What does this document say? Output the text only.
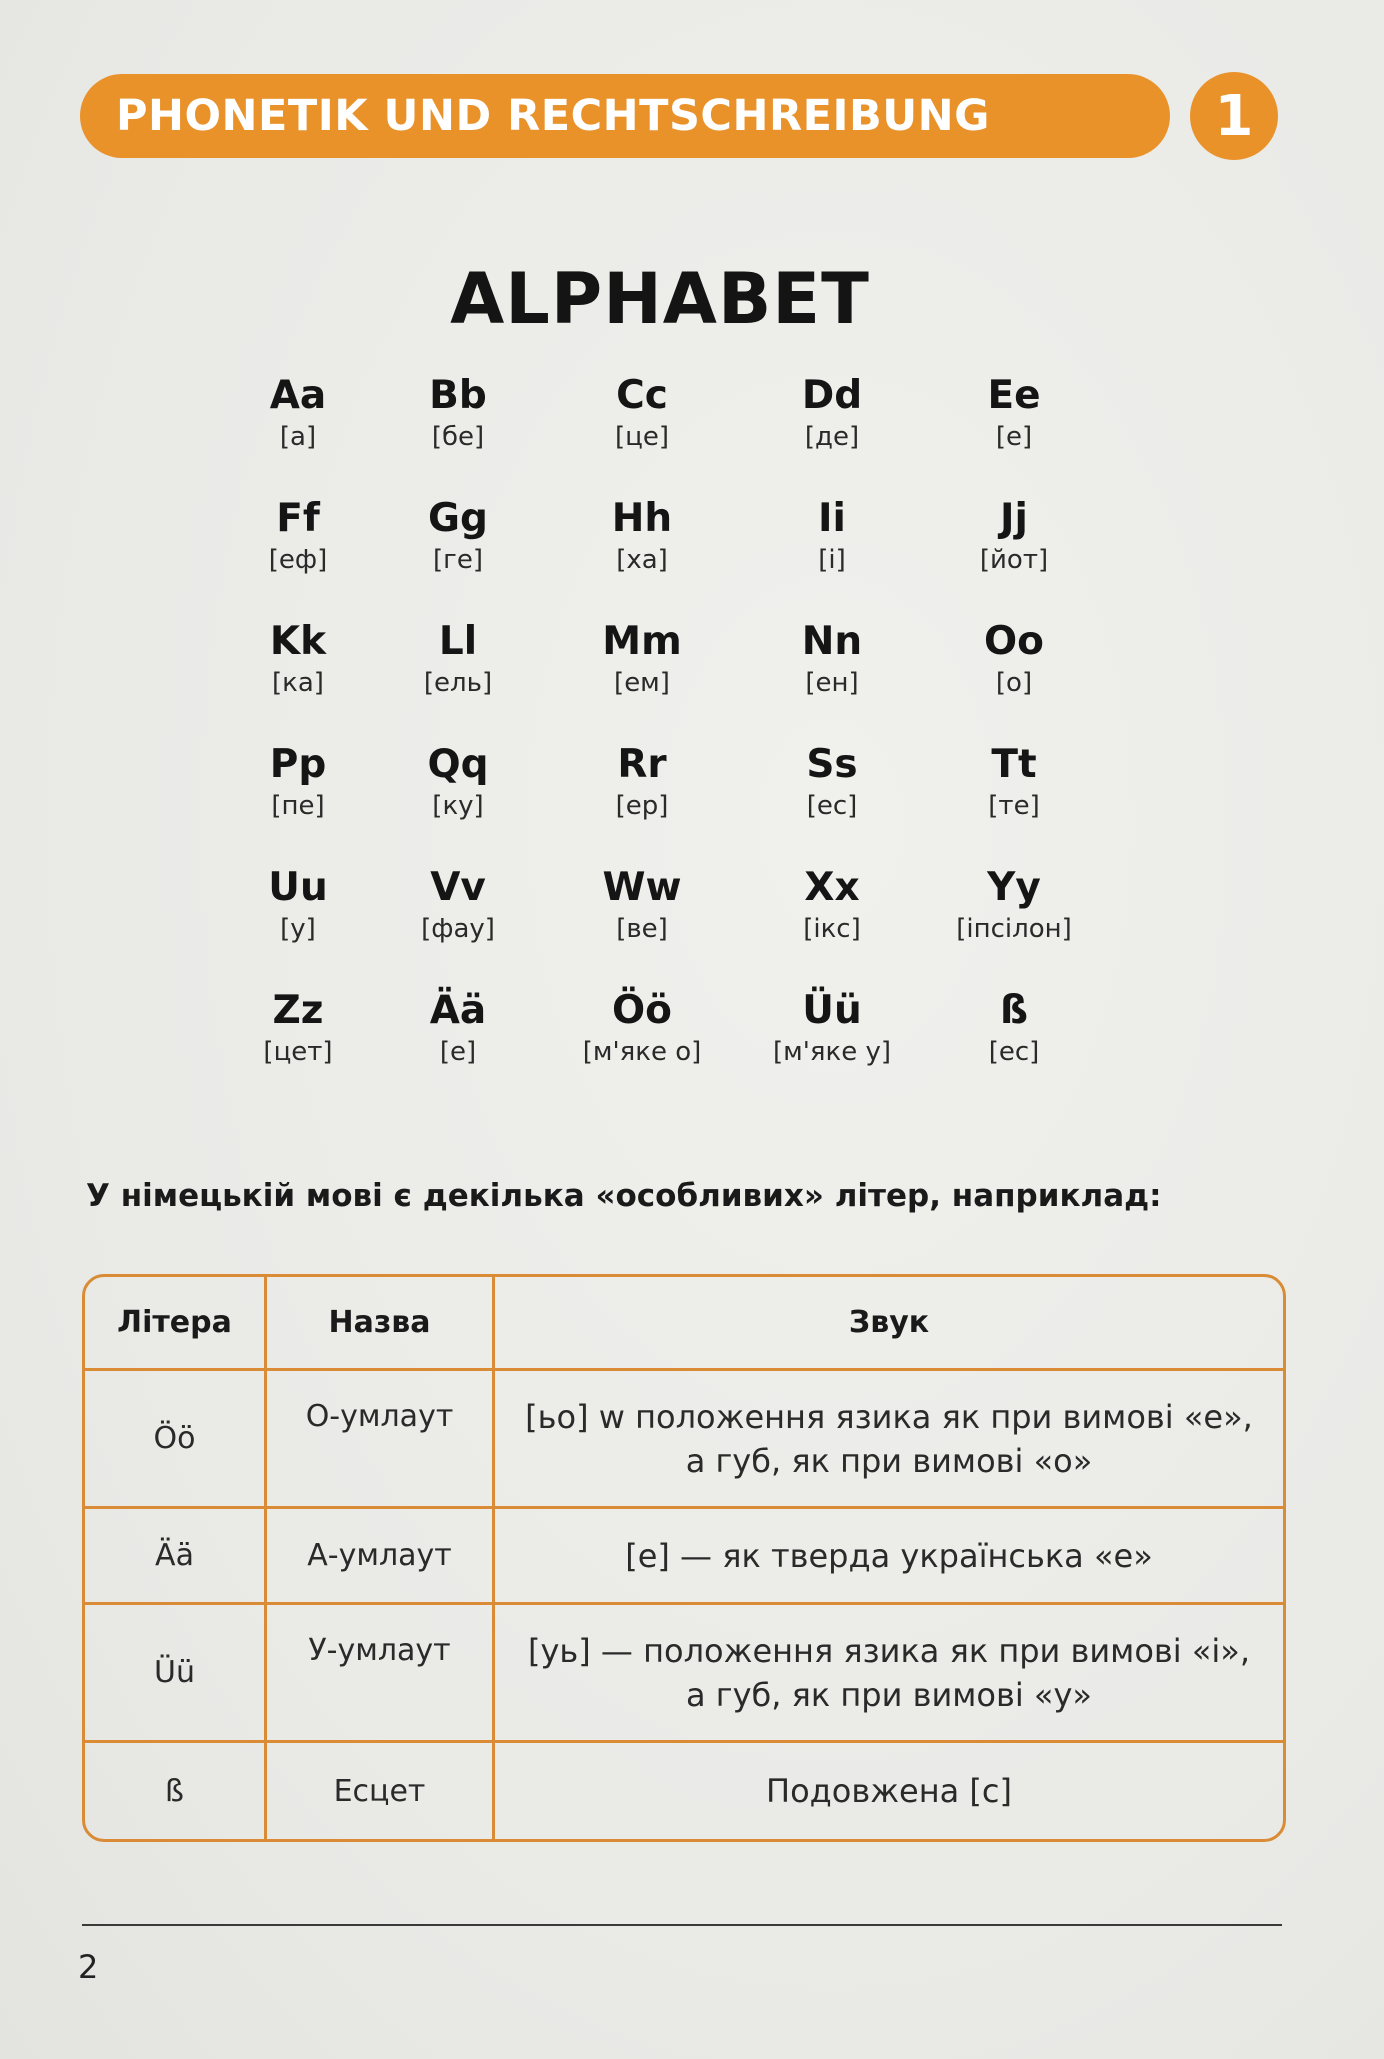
PHONETIK UND RECHTSCHREIBUNG	1
ALPHABET
Aa
[а]
Bb
[бе]
Cc
[це]
Dd
[де]
Ee
[е]
Ff
[еф]
Gg
[ге]
Hh
[ха]
Ii
[і]
Jj
[йот]
Kk
[ка]
Ll
[ель]
Mm
[ем]
Nn
[ен]
Oo
[о]
Pp
[пе]
Qq
[ку]
Rr
[ер]
Ss
[ес]
Tt
[те]
Uu
[у]
Vv
[фау]
Ww
[ве]
Xx
[ікс]
Yy
[іпсілон]
Zz
[цет]
Ää
[е]
Öö
[м'яке о]
Üü
[м'яке у]
ß
[ес]
У німецькій мові є декілька «особливих» літер, наприклад:
Літера	Назва	Звук
Öö	О-умлаут	[ьо] w положення язика як при вимові «е», а губ, як при вимові «о»
Ää	А-умлаут	[е] — як тверда українська «е»
Üü	У-умлаут	[уь] — положення язика як при вимові «і», а губ, як при вимові «у»
ß	Есцет	Подовжена [с]
2
